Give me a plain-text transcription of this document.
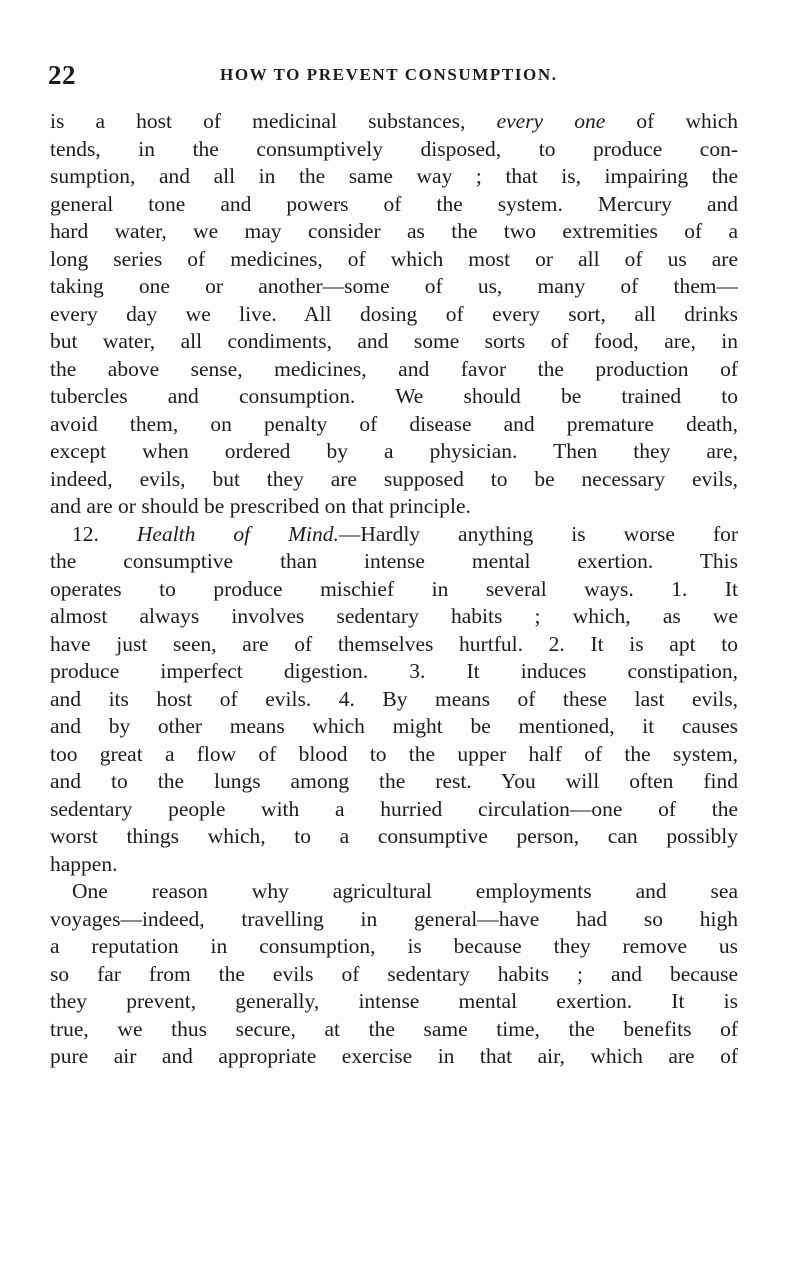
22	HOW TO PREVENT CONSUMPTION.
is a host of medicinal substances, every one of which
tends, in the consumptively disposed, to produce con-
sumption, and all in the same way ; that is, impairing the
general tone and powers of the system. Mercury and
hard water, we may consider as the two extremities of a
long series of medicines, of which most or all of us are
taking one or another—some of us, many of them—
every day we live. All dosing of every sort, all drinks
but water, all condiments, and some sorts of food, are, in
the above sense, medicines, and favor the production of
tubercles and consumption. We should be trained to
avoid them, on penalty of disease and premature death,
except when ordered by a physician. Then they are,
indeed, evils, but they are supposed to be necessary evils,
and are or should be prescribed on that principle.
12. Health of Mind.—Hardly anything is worse for
the consumptive than intense mental exertion. This
operates to produce mischief in several ways. 1. It
almost always involves sedentary habits ; which, as we
have just seen, are of themselves hurtful. 2. It is apt to
produce imperfect digestion. 3. It induces constipation,
and its host of evils. 4. By means of these last evils,
and by other means which might be mentioned, it causes
too great a flow of blood to the upper half of the system,
and to the lungs among the rest. You will often find
sedentary people with a hurried circulation—one of the
worst things which, to a consumptive person, can possibly
happen.
One reason why agricultural employments and sea
voyages—indeed, travelling in general—have had so high
a reputation in consumption, is because they remove us
so far from the evils of sedentary habits ; and because
they prevent, generally, intense mental exertion. It is
true, we thus secure, at the same time, the benefits of
pure air and appropriate exercise in that air, which are of
